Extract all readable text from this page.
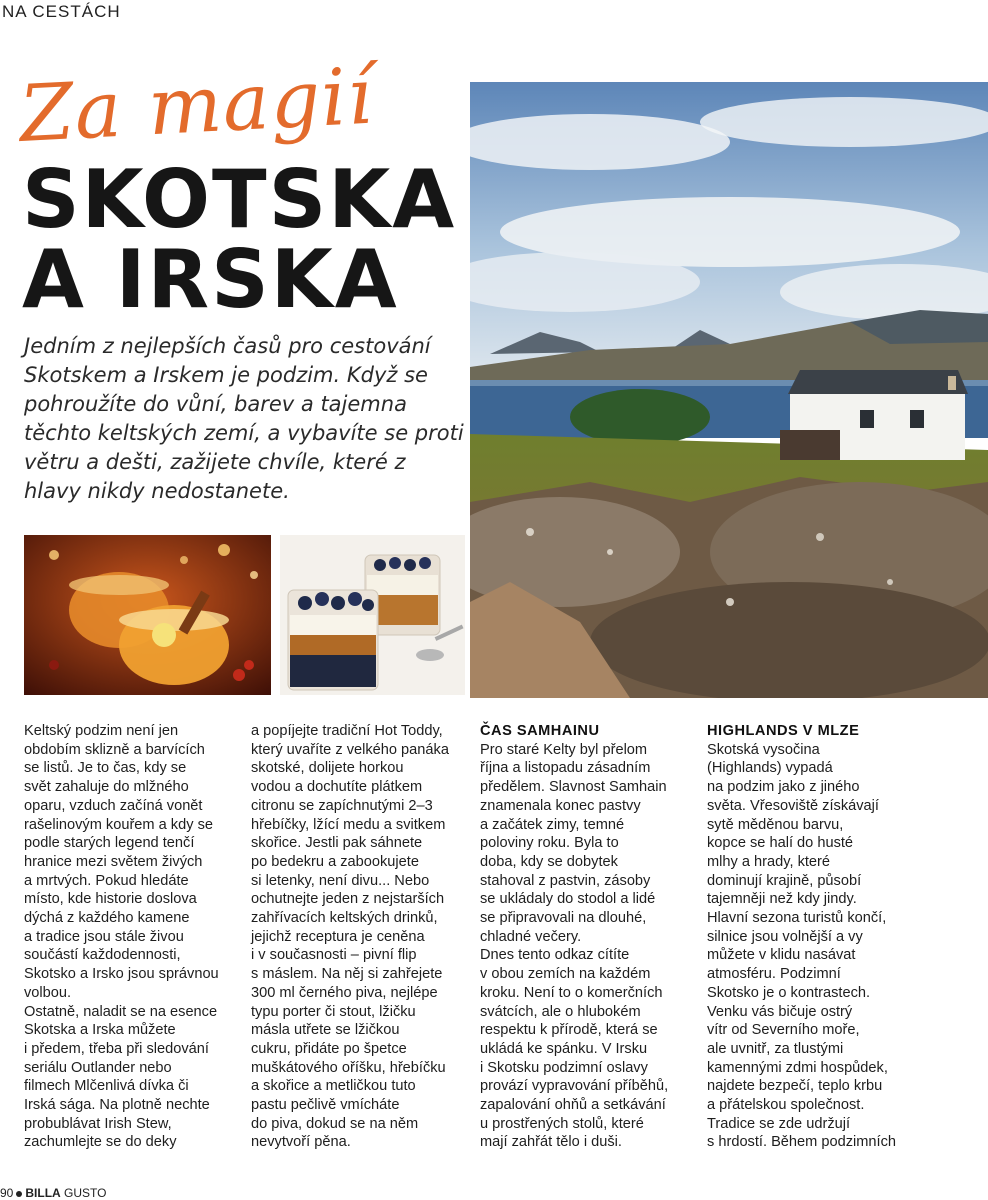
NA CESTÁCH
Za magií
SKOTSKA
A IRSKA
Jedním z nejlepších časů pro cestování Skotskem a Irskem je podzim. Když se pohroužíte do vůní, barev a tajemna těchto keltských zemí, a vybavíte se proti větru a dešti, zažijete chvíle, které z hlavy nikdy nedostanete.

Keltský podzim není jen
obdobím sklizně a barvících
se listů. Je to čas, kdy se
svět zahaluje do mlžného
oparu, vzduch začíná vonět
rašelinovým kouřem a kdy se
podle starých legend tenčí
hranice mezi světem živých
a mrtvých. Pokud hledáte
místo, kde historie doslova
dýchá z každého kamene
a tradice jsou stále živou
součástí každodennosti,
Skotsko a Irsko jsou správnou
volbou.
Ostatně, naladit se na esence
Skotska a Irska můžete
i předem, třeba při sledování
seriálu Outlander nebo
filmech Mlčenlivá dívka či
Irská sága. Na plotně nechte
probublávat Irish Stew,
zachumlejte se do deky

a popíjejte tradiční Hot Toddy,
který uvaříte z velkého panáka
skotské, dolijete horkou
vodou a dochutíte plátkem
citronu se zapíchnutými 2–3
hřebíčky, lžící medu a svitkem
skořice. Jestli pak sáhnete
po bedekru a zabookujete
si letenky, není divu... Nebo
ochutnejte jeden z nejstarších
zahřívacích keltských drinků,
jejichž receptura je ceněna
i v současnosti – pivní flip
s máslem. Na něj si zahřejete
300 ml černého piva, nejlépe
typu porter či stout, lžičku
másla utřete se lžičkou
cukru, přidáte po špetce
muškátového oříšku, hřebíčku
a skořice a metličkou tuto
pastu pečlivě vmícháte
do piva, dokud se na něm
nevytvoří pěna.

ČAS SAMHAINU

Pro staré Kelty byl přelom
října a listopadu zásadním
předělem. Slavnost Samhain
znamenala konec pastvy
a začátek zimy, temné
poloviny roku. Byla to
doba, kdy se dobytek
stahoval z pastvin, zásoby
se ukládaly do stodol a lidé
se připravovali na dlouhé,
chladné večery.
Dnes tento odkaz cítíte
v obou zemích na každém
kroku. Není to o komerčních
svátcích, ale o hlubokém
respektu k přírodě, která se
ukládá ke spánku. V Irsku
i Skotsku podzimní oslavy
provází vypravování příběhů,
zapalování ohňů a setkávání
u prostřených stolů, které
mají zahřát tělo i duši.

HIGHLANDS V MLZE

Skotská vysočina
(Highlands) vypadá
na podzim jako z jiného
světa. Vřesoviště získávají
sytě měděnou barvu,
kopce se halí do husté
mlhy a hrady, které
dominují krajině, působí
tajemněji než kdy jindy.
Hlavní sezona turistů končí,
silnice jsou volnější a vy
můžete v klidu nasávat
atmosféru. Podzimní
Skotsko je o kontrastech.
Venku vás bičuje ostrý
vítr od Severního moře,
ale uvnitř, za tlustými
kamennými zdmi hospůdek,
najdete bezpečí, teplo krbu
a přátelskou společnost.
Tradice se zde udržují
s hrdostí. Během podzimních

90 BILLA GUSTO
